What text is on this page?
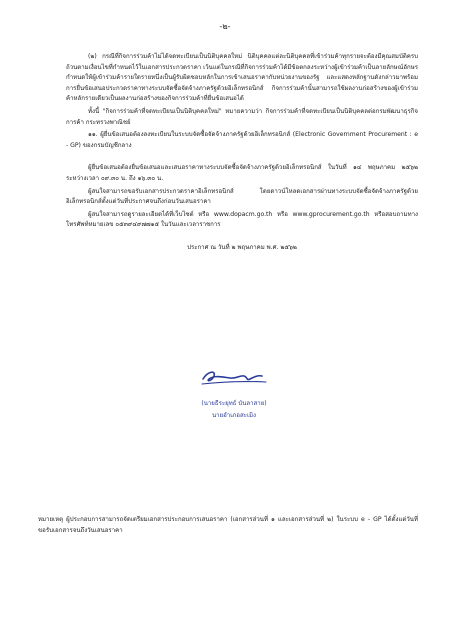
-๒-

(๒) กรณีที่กิจการร่วมค้าไม่ได้จดทะเบียนเป็นนิติบุคคลใหม่ นิติบุคคลแต่ละนิติบุคคลที่เข้าร่วมค้าทุกรายจะต้องมีคุณสมบัติครบถ้วนตามเงื่อนไขที่กำหนดไว้ในเอกสารประกวดราคา เว้นแต่ในกรณีที่กิจการร่วมค้าได้มีข้อตกลงระหว่างผู้เข้าร่วมค้าเป็นลายลักษณ์อักษรกำหนดให้ผู้เข้าร่วมค้ารายใดรายหนึ่งเป็นผู้รับผิดชอบหลักในการเข้าเสนอราคากับหน่วยงานของรัฐ และแสดงหลักฐานดังกล่าวมาพร้อมการยื่นข้อเสนอประกวดราคาทางระบบจัดซื้อจัดจ้างภาครัฐด้วยอิเล็กทรอนิกส์ กิจการร่วมค้านั้นสามารถใช้ผลงานก่อสร้างของผู้เข้าร่วมค้าหลักรายเดียวเป็นผลงานก่อสร้างของกิจการร่วมค้าที่ยื่นข้อเสนอได้

ทั้งนี้ "กิจการร่วมค้าที่จดทะเบียนเป็นนิติบุคคลใหม่" หมายความว่า กิจการร่วมค้าที่จดทะเบียนเป็นนิติบุคคลต่อกรมพัฒนาธุรกิจการค้า กระทรวงพาณิชย์

๑๑. ผู้ยื่นข้อเสนอต้องลงทะเบียนในระบบจัดซื้อจัดจ้างภาครัฐด้วยอิเล็กทรอนิกส์ (Electronic Government Procurement : e - GP) ของกรมบัญชีกลาง

ผู้ยื่นข้อเสนอต้องยื่นข้อเสนอและเสนอราคาทางระบบจัดซื้อจัดจ้างภาครัฐด้วยอิเล็กทรอนิกส์ ในวันที่ ๑๔ พฤษภาคม ๒๕๖๒ ระหว่างเวลา ๐๙.๓๐ น. ถึง ๑๖.๓๐ น.

ผู้สนใจสามารถขอรับเอกสารประกวดราคาอิเล็กทรอนิกส์ โดยดาวน์โหลดเอกสารผ่านทางระบบจัดซื้อจัดจ้างภาครัฐด้วยอิเล็กทรอนิกส์ตั้งแต่วันที่ประกาศจนถึงก่อนวันเสนอราคา

ผู้สนใจสามารถดูรายละเอียดได้ที่เว็บไซต์ หรือ www.dopacm.go.th หรือ www.gprocurement.go.th หรือสอบถามทางโทรศัพท์หมายเลข ๐๕๓๙๔๙๗๗๑๕ ในวันและเวลาราชการ

ประกาศ ณ วันที่ ๒ พฤษภาคม พ.ศ. ๒๕๖๒

(นายธีระยุทธ์ บันลาสาย)
นายอำเภอสะเมิง
หมายเหตุ ผู้ประกอบการสามารถจัดเตรียมเอกสารประกอบการเสนอราคา (เอกสารส่วนที่ ๑ และเอกสารส่วนที่ ๒) ในระบบ e - GP ได้ตั้งแต่วันที่ขอรับเอกสารจนถึงวันเสนอราคา
